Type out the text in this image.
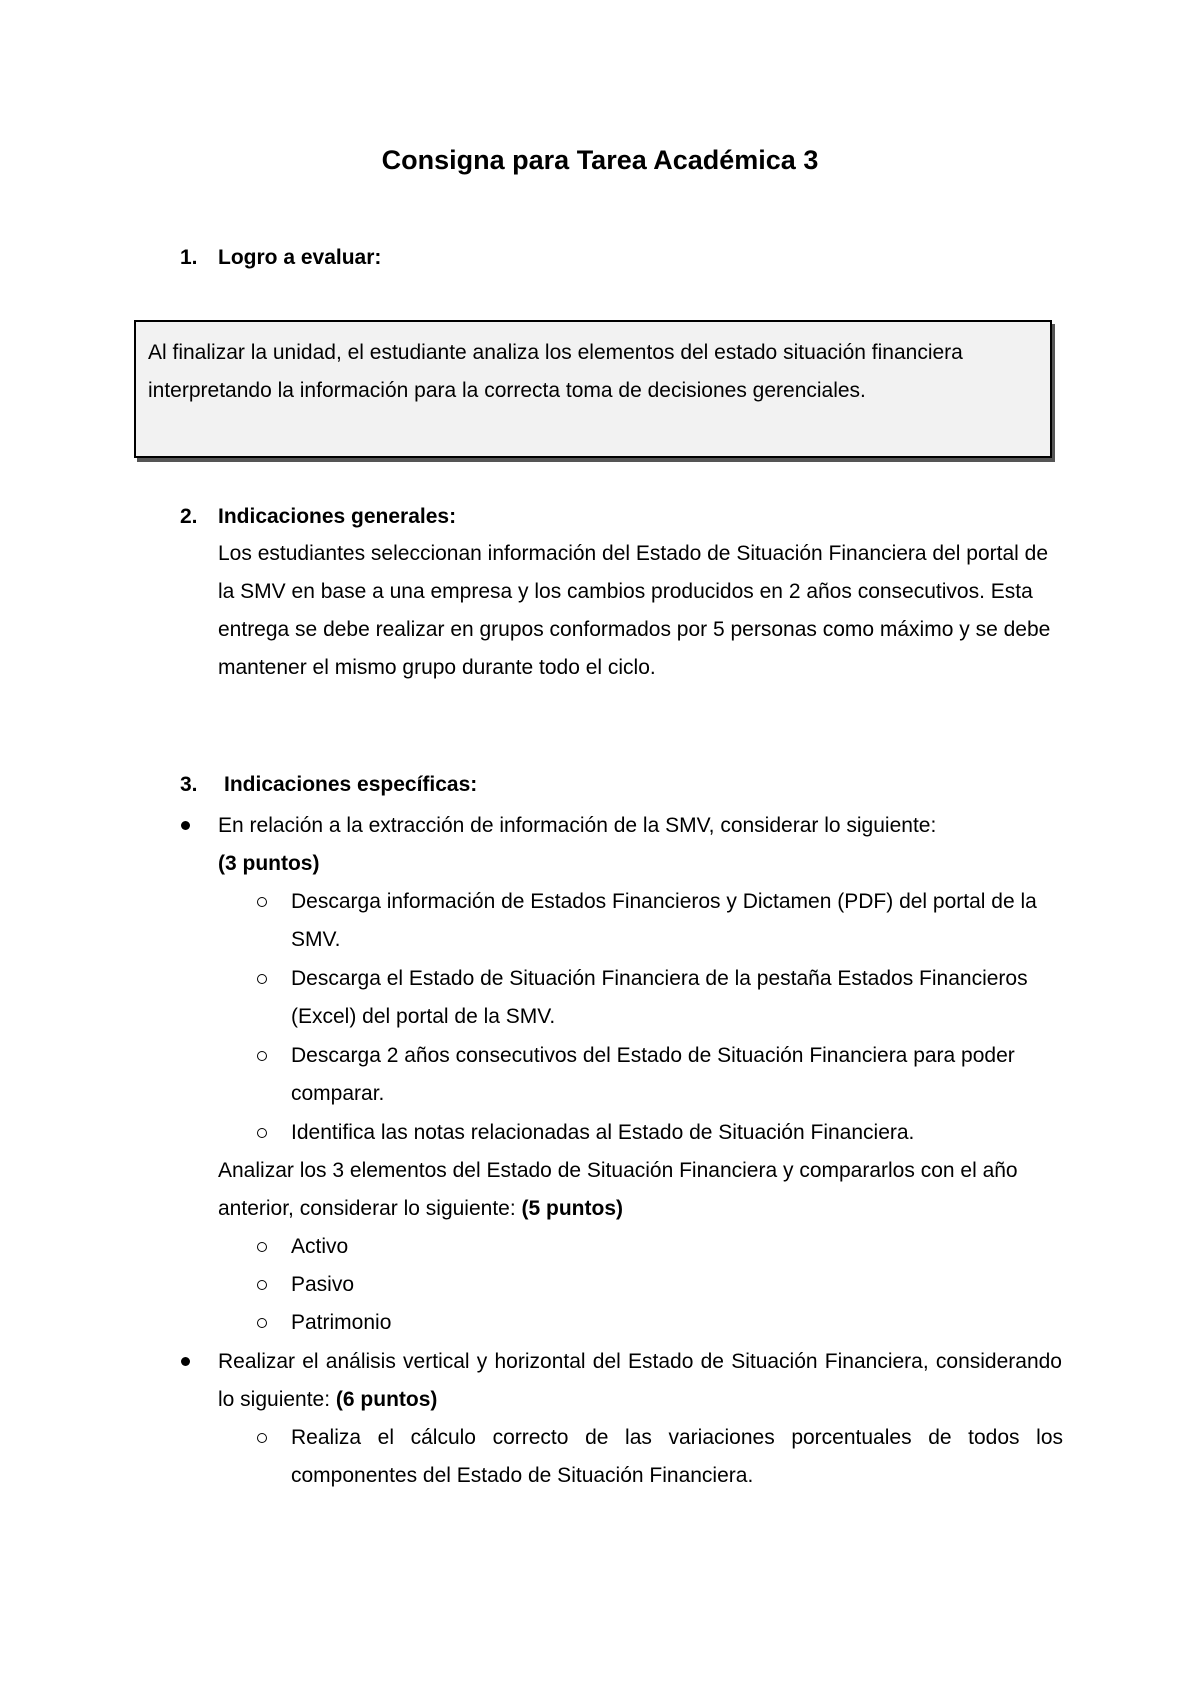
Consigna para Tarea Académica 3
1. Logro a evaluar:

Al finalizar la unidad, el estudiante analiza los elementos del estado situación financiera interpretando la información para la correcta toma de decisiones gerenciales.

2. Indicaciones generales:

Los estudiantes seleccionan información del Estado de Situación Financiera del portal de la SMV en base a una empresa y los cambios producidos en 2 años consecutivos. Esta entrega se debe realizar en grupos conformados por 5 personas como máximo y se debe mantener el mismo grupo durante todo el ciclo.

3. Indicaciones específicas:

En relación a la extracción de información de la SMV, considerar lo siguiente:

(3 puntos)

Descarga información de Estados Financieros y Dictamen (PDF) del portal de la SMV.

Descarga el Estado de Situación Financiera de la pestaña Estados Financieros (Excel) del portal de la SMV.

Descarga 2 años consecutivos del Estado de Situación Financiera para poder comparar.

Identifica las notas relacionadas al Estado de Situación Financiera.

Analizar los 3 elementos del Estado de Situación Financiera y compararlos con el año anterior, considerar lo siguiente: (5 puntos)

Activo

Pasivo

Patrimonio

Realizar el análisis vertical y horizontal del Estado de Situación Financiera, considerando lo siguiente: (6 puntos)

Realiza el cálculo correcto de las variaciones porcentuales de todos los componentes del Estado de Situación Financiera.
